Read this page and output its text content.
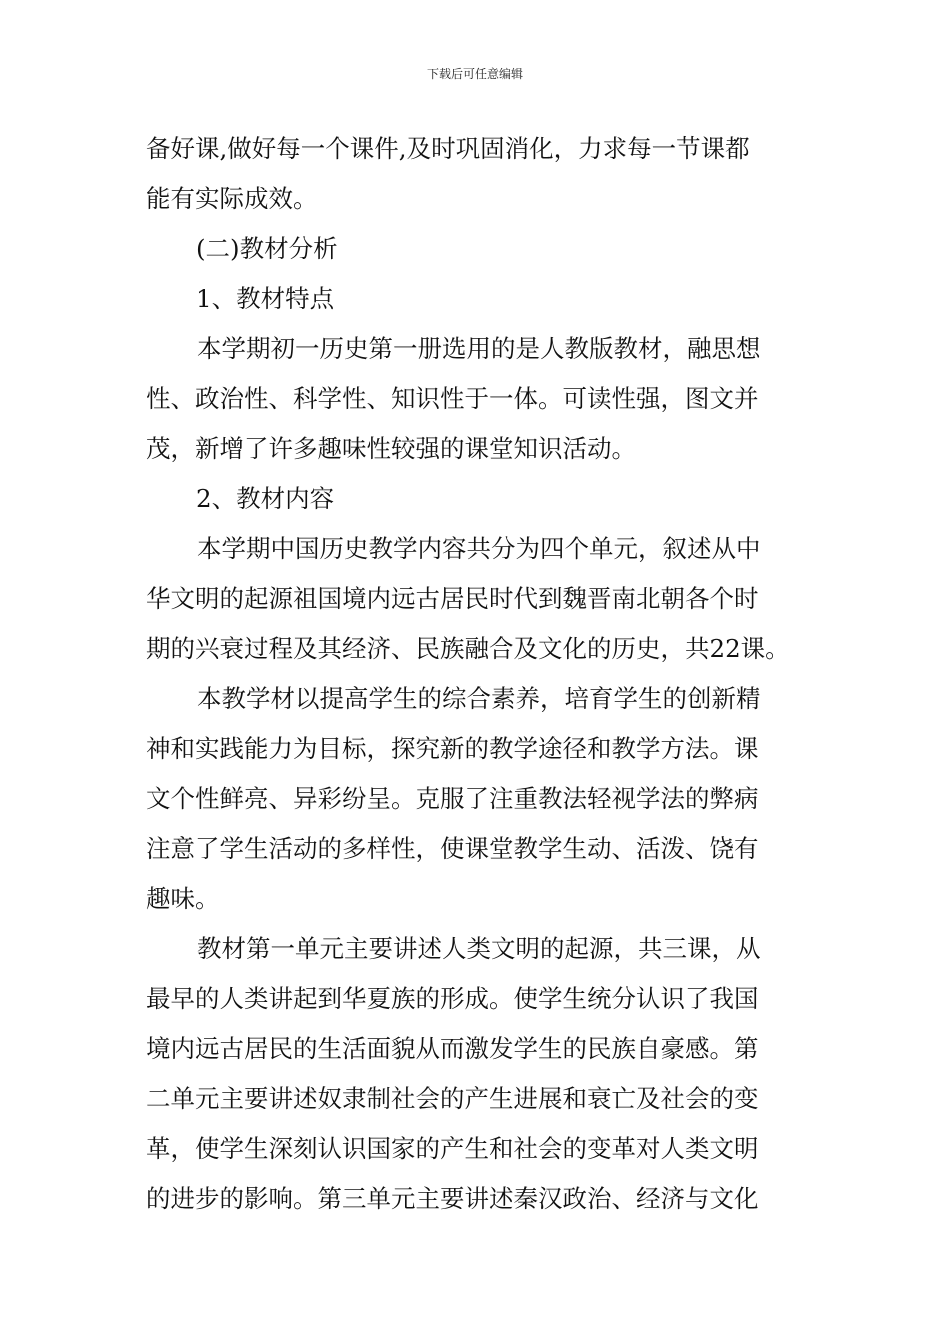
下载后可任意编辑

备好课,做好每一个课件,及时巩固消化，力求每一节课都

能有实际成效。

(二)教材分析

1、教材特点

本学期初一历史第一册选用的是人教版教材，融思想

性、政治性、科学性、知识性于一体。可读性强，图文并

茂，新增了许多趣味性较强的课堂知识活动。

2、教材内容

本学期中国历史教学内容共分为四个单元，叙述从中

华文明的起源祖国境内远古居民时代到魏晋南北朝各个时

期的兴衰过程及其经济、民族融合及文化的历史，共22课。

本教学材以提高学生的综合素养，培育学生的创新精

神和实践能力为目标，探究新的教学途径和教学方法。课

文个性鲜亮、异彩纷呈。克服了注重教法轻视学法的弊病

注意了学生活动的多样性，使课堂教学生动、活泼、饶有

趣味。

教材第一单元主要讲述人类文明的起源，共三课，从

最早的人类讲起到华夏族的形成。使学生统分认识了我国

境内远古居民的生活面貌从而激发学生的民族自豪感。第

二单元主要讲述奴隶制社会的产生进展和衰亡及社会的变

革，使学生深刻认识国家的产生和社会的变革对人类文明

的进步的影响。第三单元主要讲述秦汉政治、经济与文化
